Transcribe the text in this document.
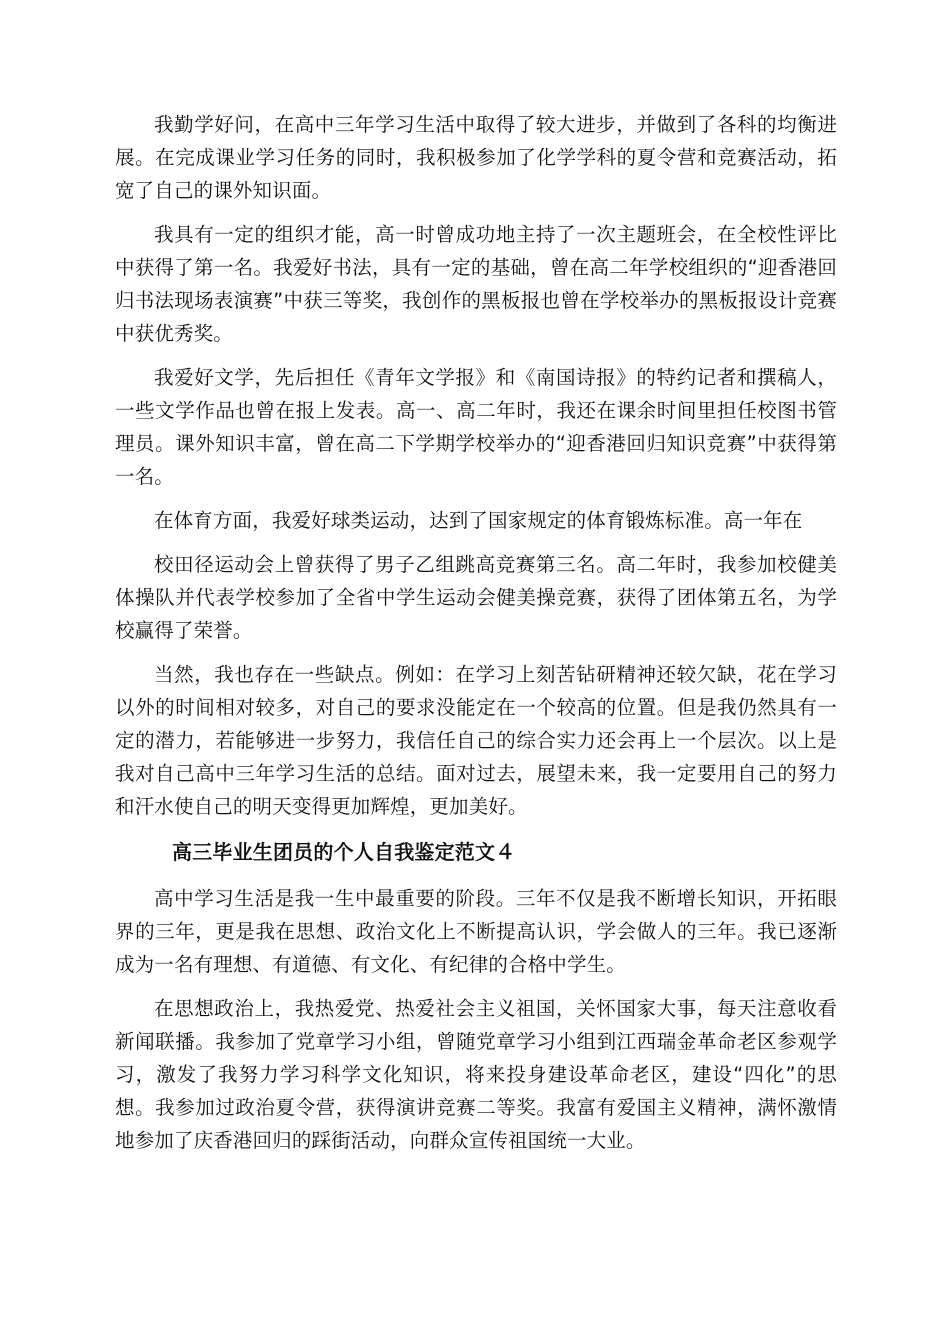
我勤学好问，在高中三年学习生活中取得了较大进步，并做到了各科的均衡进展。在完成课业学习任务的同时，我积极参加了化学学科的夏令营和竞赛活动，拓宽了自己的课外知识面。

我具有一定的组织才能，高一时曾成功地主持了一次主题班会，在全校性评比中获得了第一名。我爱好书法，具有一定的基础，曾在高二年学校组织的“迎香港回归书法现场表演赛”中获三等奖，我创作的黑板报也曾在学校举办的黑板报设计竞赛中获优秀奖。

我爱好文学，先后担任《青年文学报》和《南国诗报》的特约记者和撰稿人，一些文学作品也曾在报上发表。高一、高二年时，我还在课余时间里担任校图书管理员。课外知识丰富，曾在高二下学期学校举办的“迎香港回归知识竞赛”中获得第一名。

在体育方面，我爱好球类运动，达到了国家规定的体育锻炼标准。高一年在

校田径运动会上曾获得了男子乙组跳高竞赛第三名。高二年时，我参加校健美体操队并代表学校参加了全省中学生运动会健美操竞赛，获得了团体第五名，为学校赢得了荣誉。

当然，我也存在一些缺点。例如：在学习上刻苦钻研精神还较欠缺，花在学习以外的时间相对较多，对自己的要求没能定在一个较高的位置。但是我仍然具有一定的潜力，若能够进一步努力，我信任自己的综合实力还会再上一个层次。以上是我对自己高中三年学习生活的总结。面对过去，展望未来，我一定要用自己的努力和汗水使自己的明天变得更加辉煌，更加美好。

高三毕业生团员的个人自我鉴定范文４

高中学习生活是我一生中最重要的阶段。三年不仅是我不断增长知识，开拓眼界的三年，更是我在思想、政治文化上不断提高认识，学会做人的三年。我已逐渐成为一名有理想、有道德、有文化、有纪律的合格中学生。

在思想政治上，我热爱党、热爱社会主义祖国，关怀国家大事，每天注意收看新闻联播。我参加了党章学习小组，曾随党章学习小组到江西瑞金革命老区参观学习，激发了我努力学习科学文化知识，将来投身建设革命老区，建设“四化”的思想。我参加过政治夏令营，获得演讲竞赛二等奖。我富有爱国主义精神，满怀激情地参加了庆香港回归的踩街活动，向群众宣传祖国统一大业。
